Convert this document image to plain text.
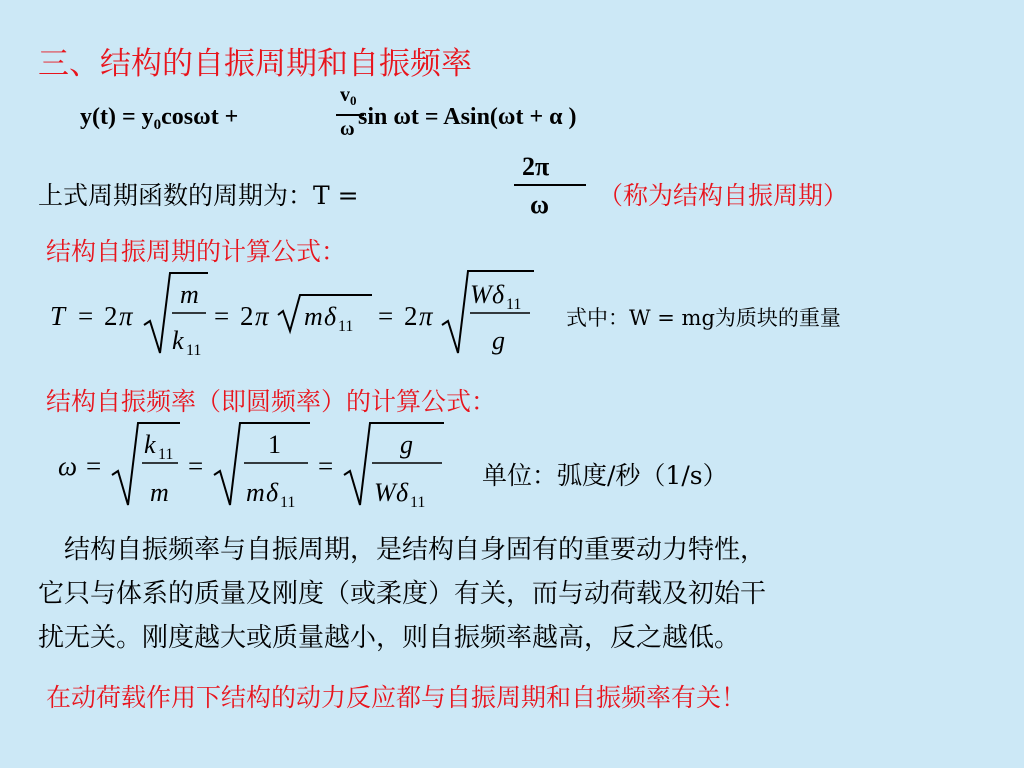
三、结构的自振周期和自振频率
$y(t) = y_0\cos\omega t$ +
$v_0$
ω sin ωt = Asin(ωt + α )
上式周期函数的周期为：T =
2π
ω （称为结构自振周期）
结构自振周期的计算公式：
T = 2 π
m
k 11
= 2 π m δ 11 = 2 π
W δ 11
g
式中：W = mg为质块的重量
结构自振频率（即圆频率）的计算公式：
ω =
k 11
m
=
1
m δ 11
=
g
W δ 11
单位：弧度/秒（1/s）
　结构自振频率与自振周期，是结构自身固有的重要动力特性，
它只与体系的质量及刚度（或柔度）有关，而与动荷载及初始干
扰无关。刚度越大或质量越小，则自振频率越高，反之越低。
在动荷载作用下结构的动力反应都与自振周期和自振频率有关！
